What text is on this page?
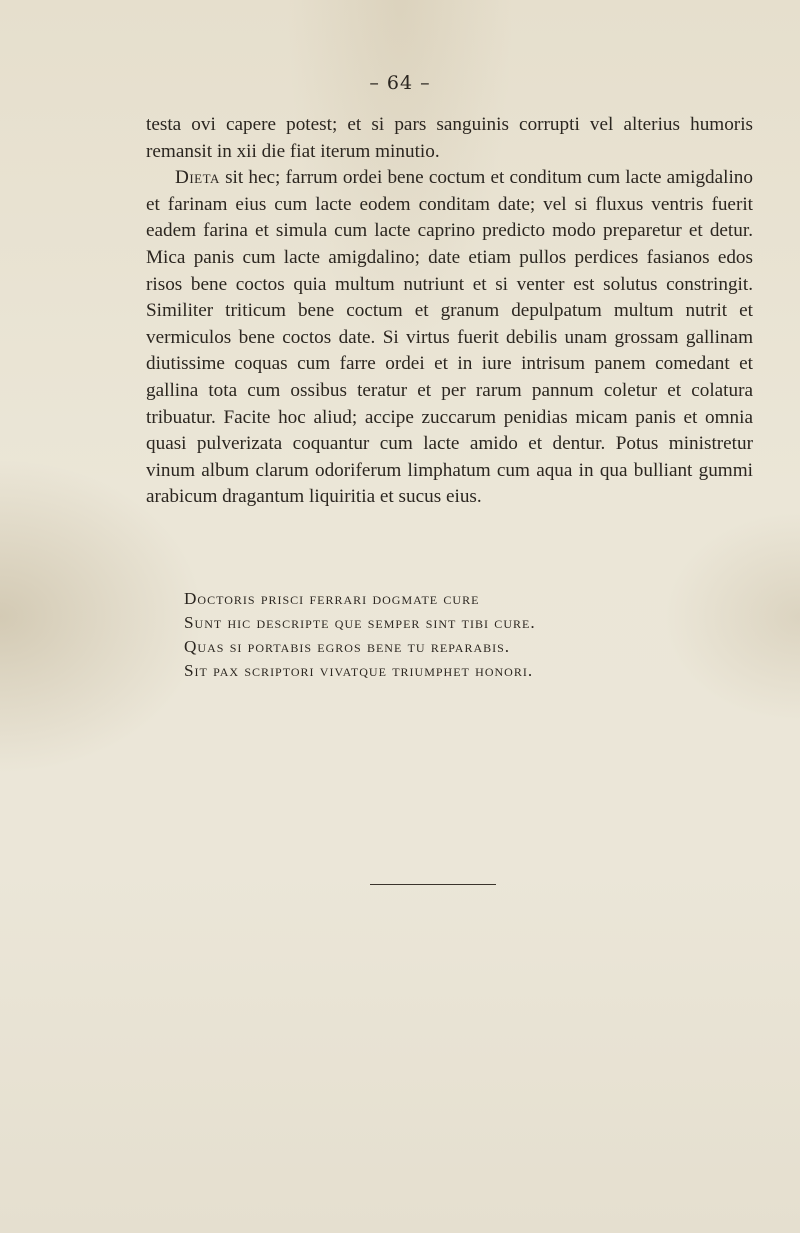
– 64 –

testa ovi capere potest; et si pars sanguinis corrupti vel alterius humoris remansit in xii die fiat iterum minutio.

Dieta sit hec; farrum ordei bene coctum et conditum cum lacte amigdalino et farinam eius cum lacte eodem conditam date; vel si fluxus ventris fuerit eadem farina et simula cum lacte caprino predicto modo preparetur et detur. Mica panis cum lacte amigdalino; date etiam pullos perdices fasianos edos risos bene coctos quia multum nutriunt et si venter est solutus constringit. Similiter triticum bene coctum et granum depulpatum multum nutrit et vermiculos bene coctos date. Si virtus fuerit debilis unam grossam gallinam diutissime coquas cum farre ordei et in iure intrisum panem comedant et gallina tota cum ossibus teratur et per rarum pannum coletur et colatura tribuatur. Facite hoc aliud; accipe zuccarum penidias micam panis et omnia quasi pulverizata coquantur cum lacte amido et dentur. Potus ministretur vinum album clarum odoriferum limphatum cum aqua in qua bulliant gummi arabicum dragantum liquiritia et sucus eius.

Doctoris prisci ferrari dogmate cure
Sunt hic descripte que semper sint tibi cure.
Quas si portabis egros bene tu reparabis.
Sit pax scriptori vivatque triumphet honori.
